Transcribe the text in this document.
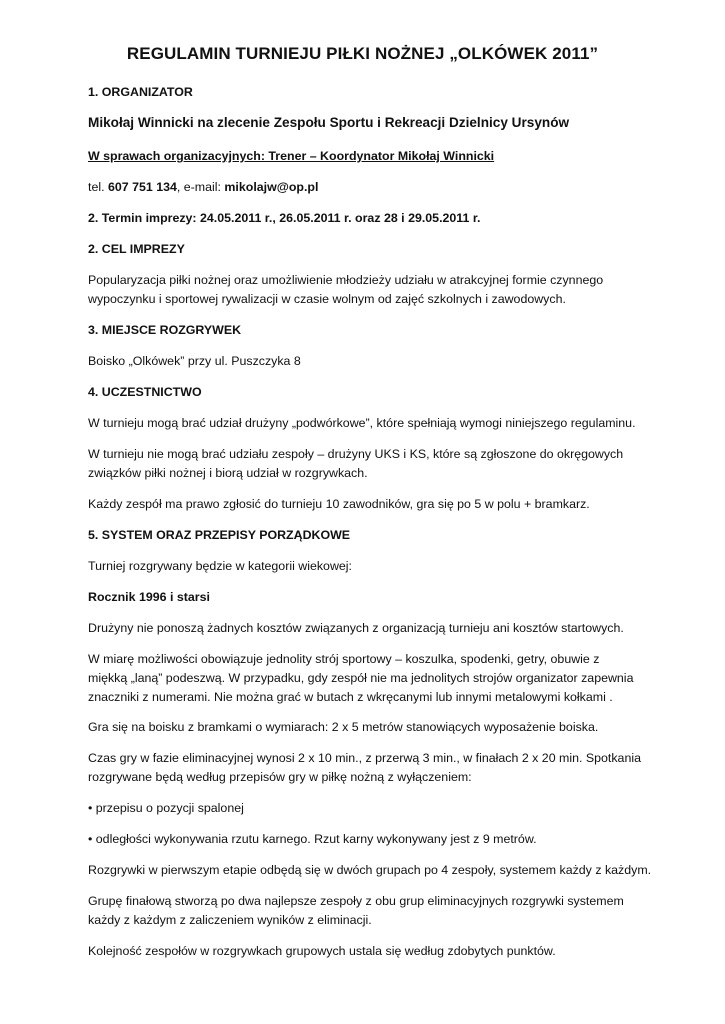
REGULAMIN TURNIEJU PIŁKI NOŻNEJ „OLKÓWEK 2011”
1. ORGANIZATOR
Mikołaj Winnicki na zlecenie Zespołu Sportu i Rekreacji Dzielnicy Ursynów
W sprawach organizacyjnych: Trener – Koordynator Mikołaj Winnicki
tel. 607 751 134, e-mail: mikolajw@op.pl
2. Termin imprezy: 24.05.2011 r., 26.05.2011 r. oraz 28 i 29.05.2011 r.
2. CEL IMPREZY
Popularyzacja piłki nożnej oraz umożliwienie młodzieży udziału w atrakcyjnej formie czynnego
wypoczynku i sportowej rywalizacji w czasie wolnym od zajęć szkolnych i zawodowych.
3. MIEJSCE ROZGRYWEK
Boisko „Olkówek” przy ul. Puszczyka 8
4. UCZESTNICTWO
W turnieju mogą brać udział drużyny „podwórkowe”, które spełniają wymogi niniejszego regulaminu.
W turnieju nie mogą brać udziału zespoły – drużyny UKS i KS, które są zgłoszone do okręgowych
związków piłki nożnej i biorą udział w rozgrywkach.
Każdy zespół ma prawo zgłosić do turnieju 10 zawodników, gra się po 5 w polu + bramkarz.
5. SYSTEM ORAZ PRZEPISY PORZĄDKOWE
Turniej rozgrywany będzie w kategorii wiekowej:
Rocznik 1996 i starsi
Drużyny nie ponoszą żadnych kosztów związanych z organizacją turnieju ani kosztów startowych.
W miarę możliwości obowiązuje jednolity strój sportowy – koszulka, spodenki, getry, obuwie z
miękką „laną” podeszwą. W przypadku, gdy zespół nie ma jednolitych strojów organizator zapewnia
znaczniki z numerami. Nie można grać w butach z wkręcanymi lub innymi metalowymi kołkami .
Gra się na boisku z bramkami o wymiarach: 2 x 5 metrów stanowiących wyposażenie boiska.
Czas gry w fazie eliminacyjnej wynosi 2 x 10 min., z przerwą 3 min., w finałach 2 x 20 min. Spotkania
rozgrywane będą według przepisów gry w piłkę nożną z wyłączeniem:
• przepisu o pozycji spalonej
• odległości wykonywania rzutu karnego. Rzut karny wykonywany jest z 9 metrów.
Rozgrywki w pierwszym etapie odbędą się w dwóch grupach po 4 zespoły, systemem każdy z każdym.
Grupę finałową stworzą po dwa najlepsze zespoły z obu grup eliminacyjnych rozgrywki systemem
każdy z każdym z zaliczeniem wyników z eliminacji.
Kolejność zespołów w rozgrywkach grupowych ustala się według zdobytych punktów.
